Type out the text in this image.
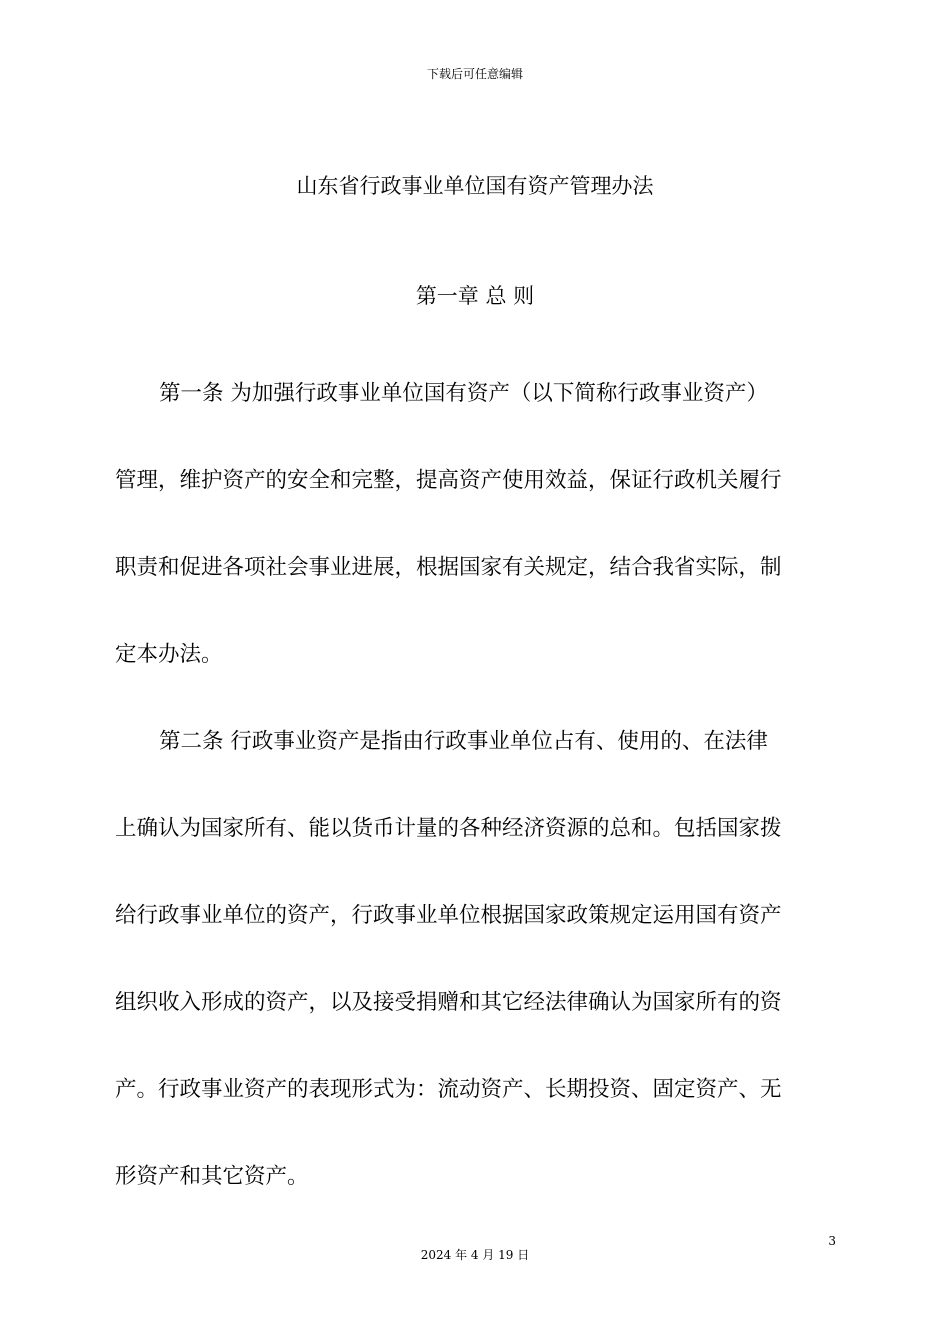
下载后可任意编辑
山东省行政事业单位国有资产管理办法
第一章 总 则
第一条 为加强行政事业单位国有资产（以下简称行政事业资产）
管理，维护资产的安全和完整，提高资产使用效益，保证行政机关履行
职责和促进各项社会事业进展，根据国家有关规定，结合我省实际，制
定本办法。
第二条 行政事业资产是指由行政事业单位占有、使用的、在法律
上确认为国家所有、能以货币计量的各种经济资源的总和。包括国家拨
给行政事业单位的资产，行政事业单位根据国家政策规定运用国有资产
组织收入形成的资产，以及接受捐赠和其它经法律确认为国家所有的资
产。行政事业资产的表现形式为：流动资产、长期投资、固定资产、无
形资产和其它资产。
3
2024 年 4 月 19 日
